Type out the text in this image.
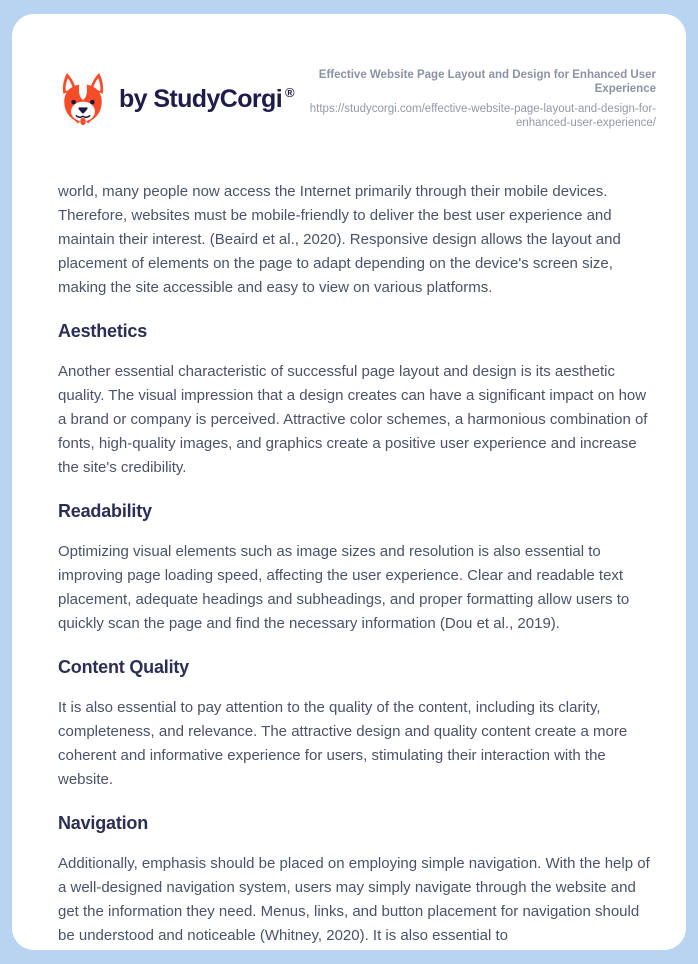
by StudyCorgi ®
Effective Website Page Layout and Design for Enhanced User Experience
https://studycorgi.com/effective-website-page-layout-and-design-for-enhanced-user-experience/

world, many people now access the Internet primarily through their mobile devices. Therefore, websites must be mobile-friendly to deliver the best user experience and maintain their interest. (Beaird et al., 2020). Responsive design allows the layout and placement of elements on the page to adapt depending on the device's screen size, making the site accessible and easy to view on various platforms.

Aesthetics

Another essential characteristic of successful page layout and design is its aesthetic quality. The visual impression that a design creates can have a significant impact on how a brand or company is perceived. Attractive color schemes, a harmonious combination of fonts, high-quality images, and graphics create a positive user experience and increase the site's credibility.

Readability

Optimizing visual elements such as image sizes and resolution is also essential to improving page loading speed, affecting the user experience. Clear and readable text placement, adequate headings and subheadings, and proper formatting allow users to quickly scan the page and find the necessary information (Dou et al., 2019).

Content Quality

It is also essential to pay attention to the quality of the content, including its clarity, completeness, and relevance. The attractive design and quality content create a more coherent and informative experience for users, stimulating their interaction with the website.

Navigation

Additionally, emphasis should be placed on employing simple navigation. With the help of a well-designed navigation system, users may simply navigate through the website and get the information they need. Menus, links, and button placement for navigation should be understood and noticeable (Whitney, 2020). It is also essential to
